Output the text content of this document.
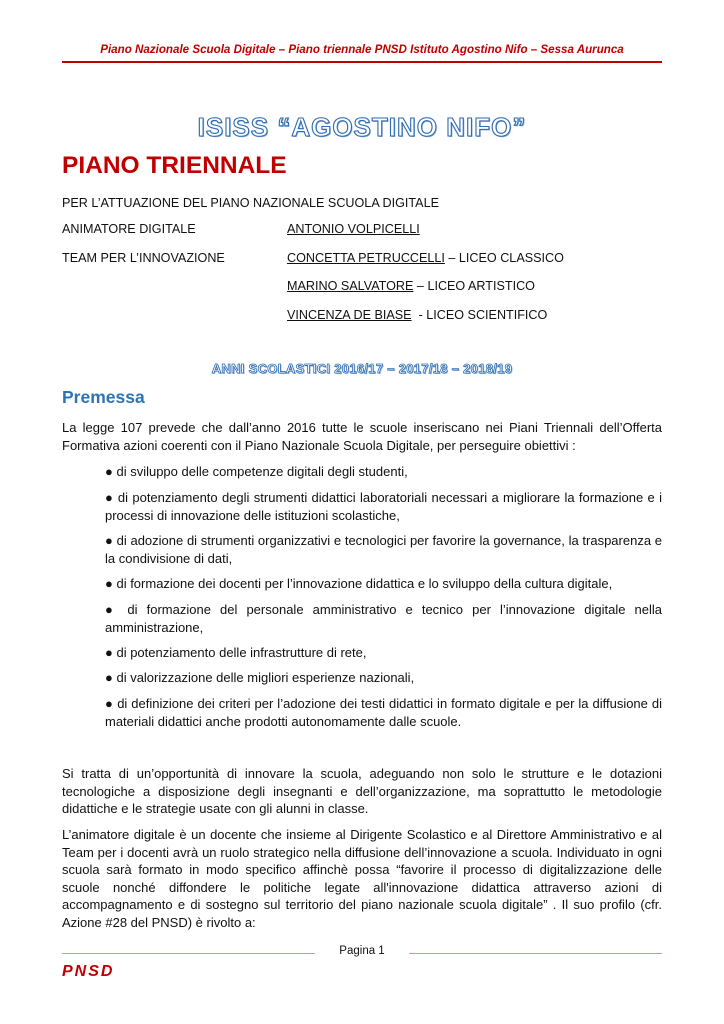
Piano Nazionale Scuola Digitale – Piano triennale PNSD Istituto Agostino Nifo – Sessa Aurunca
ISISS “AGOSTINO NIFO”
PIANO TRIENNALE
PER L’ATTUAZIONE DEL PIANO NAZIONALE SCUOLA DIGITALE
ANIMATORE DIGITALE	ANTONIO VOLPICELLI
TEAM PER L’INNOVAZIONE	CONCETTA PETRUCCELLI – LICEO CLASSICO
MARINO SALVATORE – LICEO ARTISTICO
VINCENZA DE BIASE  - LICEO SCIENTIFICO
ANNI SCOLASTICI 2016/17 – 2017/18 – 2018/19
Premessa
La legge 107 prevede che dall’anno 2016 tutte le scuole inseriscano nei Piani Triennali dell’Offerta Formativa azioni coerenti con il Piano Nazionale Scuola Digitale, per perseguire obiettivi :
● di sviluppo delle competenze digitali degli studenti,
● di potenziamento degli strumenti didattici laboratoriali necessari a migliorare la formazione e i processi di innovazione delle istituzioni scolastiche,
● di adozione di strumenti organizzativi e tecnologici per favorire la governance, la trasparenza e la condivisione di dati,
● di formazione dei docenti per l’innovazione didattica e lo sviluppo della cultura digitale,
● di formazione del personale amministrativo e tecnico per l’innovazione digitale nella amministrazione,
● di potenziamento delle infrastrutture di rete,
● di valorizzazione delle migliori esperienze nazionali,
● di definizione dei criteri per l’adozione dei testi didattici in formato digitale e per la diffusione di materiali didattici anche prodotti autonomamente dalle scuole.
Si tratta di un’opportunità di innovare la scuola, adeguando non solo le strutture e le dotazioni tecnologiche a disposizione degli insegnanti e dell’organizzazione, ma soprattutto le metodologie didattiche e le strategie usate con gli alunni in classe.
L’animatore digitale è un docente che insieme al Dirigente Scolastico e al Direttore Amministrativo e al Team per i docenti avrà un ruolo strategico nella diffusione dell’innovazione a scuola. Individuato in ogni scuola sarà formato in modo specifico affinchè possa “favorire il processo di digitalizzazione delle scuole nonché diffondere le politiche legate all'innovazione didattica attraverso azioni di accompagnamento e di sostegno sul territorio del piano nazionale scuola digitale” . Il suo profilo (cfr. Azione #28 del PNSD) è rivolto a:
Pagina 1
PNSD
